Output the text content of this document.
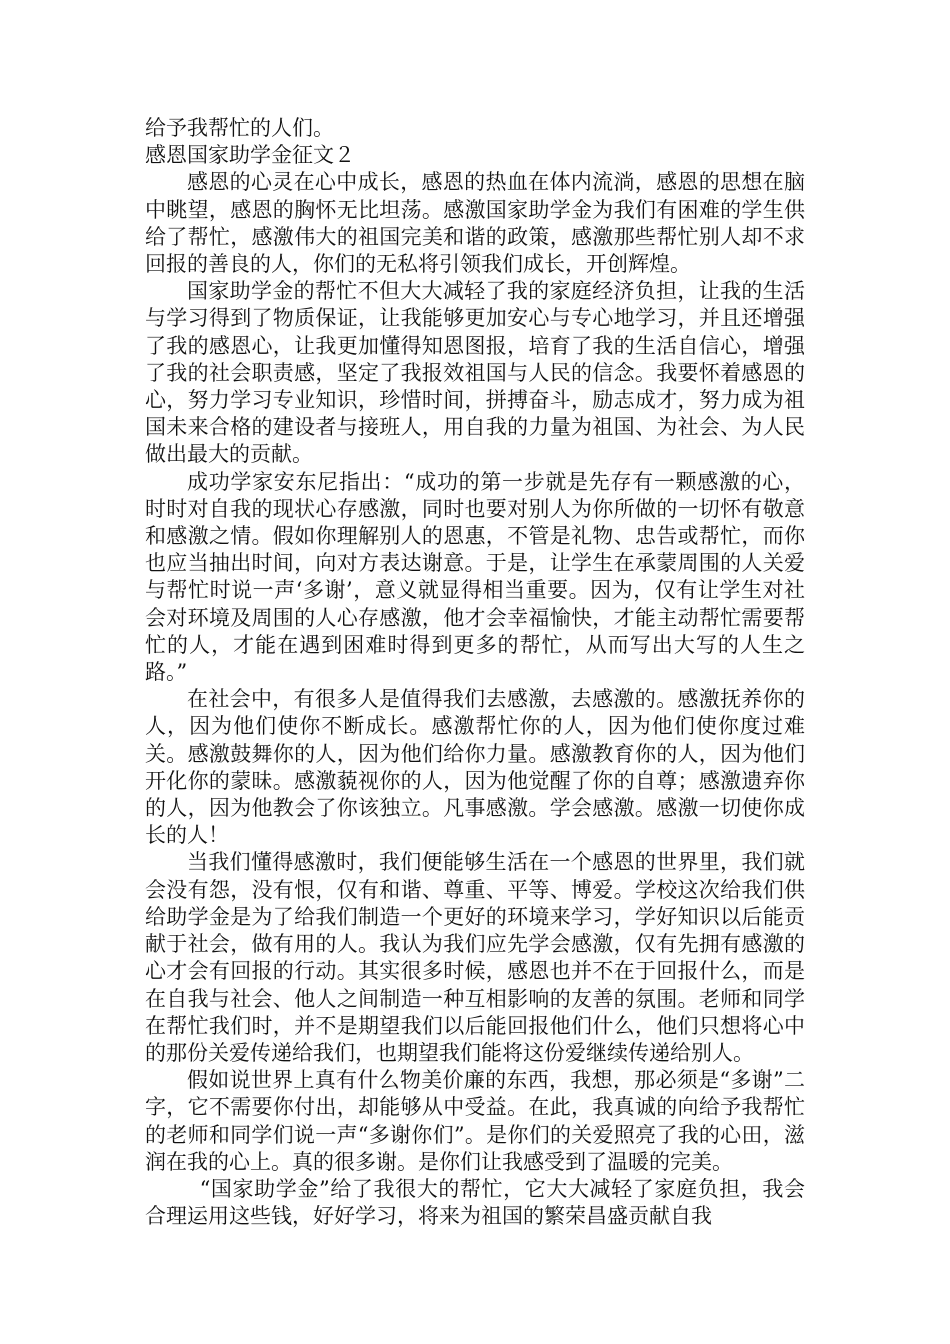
给予我帮忙的人们。

感恩国家助学金征文２

感恩的心灵在心中成长，感恩的热血在体内流淌，感恩的思想在脑中眺望，感恩的胸怀无比坦荡。感激国家助学金为我们有困难的学生供给了帮忙，感激伟大的祖国完美和谐的政策，感激那些帮忙别人却不求回报的善良的人，你们的无私将引领我们成长，开创辉煌。

国家助学金的帮忙不但大大减轻了我的家庭经济负担，让我的生活与学习得到了物质保证，让我能够更加安心与专心地学习，并且还增强了我的感恩心，让我更加懂得知恩图报，培育了我的生活自信心，增强了我的社会职责感，坚定了我报效祖国与人民的信念。我要怀着感恩的心，努力学习专业知识，珍惜时间，拼搏奋斗，励志成才，努力成为祖国未来合格的建设者与接班人，用自我的力量为祖国、为社会、为人民做出最大的贡献。

成功学家安东尼指出：“成功的第一步就是先存有一颗感激的心，时时对自我的现状心存感激，同时也要对别人为你所做的一切怀有敬意和感激之情。假如你理解别人的恩惠，不管是礼物、忠告或帮忙，而你也应当抽出时间，向对方表达谢意。于是，让学生在承蒙周围的人关爱与帮忙时说一声‘多谢’，意义就显得相当重要。因为，仅有让学生对社会对环境及周围的人心存感激，他才会幸福愉快，才能主动帮忙需要帮忙的人，才能在遇到困难时得到更多的帮忙，从而写出大写的人生之路。”

在社会中，有很多人是值得我们去感激，去感激的。感激抚养你的人，因为他们使你不断成长。感激帮忙你的人，因为他们使你度过难关。感激鼓舞你的人，因为他们给你力量。感激教育你的人，因为他们开化你的蒙昧。感激藐视你的人，因为他觉醒了你的自尊；感激遗弃你的人，因为他教会了你该独立。凡事感激。学会感激。感激一切使你成长的人！

当我们懂得感激时，我们便能够生活在一个感恩的世界里，我们就会没有怨，没有恨，仅有和谐、尊重、平等、博爱。学校这次给我们供给助学金是为了给我们制造一个更好的环境来学习，学好知识以后能贡献于社会，做有用的人。我认为我们应先学会感激，仅有先拥有感激的心才会有回报的行动。其实很多时候，感恩也并不在于回报什么，而是在自我与社会、他人之间制造一种互相影响的友善的氛围。老师和同学在帮忙我们时，并不是期望我们以后能回报他们什么，他们只想将心中的那份关爱传递给我们，也期望我们能将这份爱继续传递给别人。

假如说世界上真有什么物美价廉的东西，我想，那必须是“多谢”二字，它不需要你付出，却能够从中受益。在此，我真诚的向给予我帮忙的老师和同学们说一声“多谢你们”。是你们的关爱照亮了我的心田，滋润在我的心上。真的很多谢。是你们让我感受到了温暖的完美。

“国家助学金”给了我很大的帮忙，它大大减轻了家庭负担，我会合理运用这些钱，好好学习，将来为祖国的繁荣昌盛贡献自我
